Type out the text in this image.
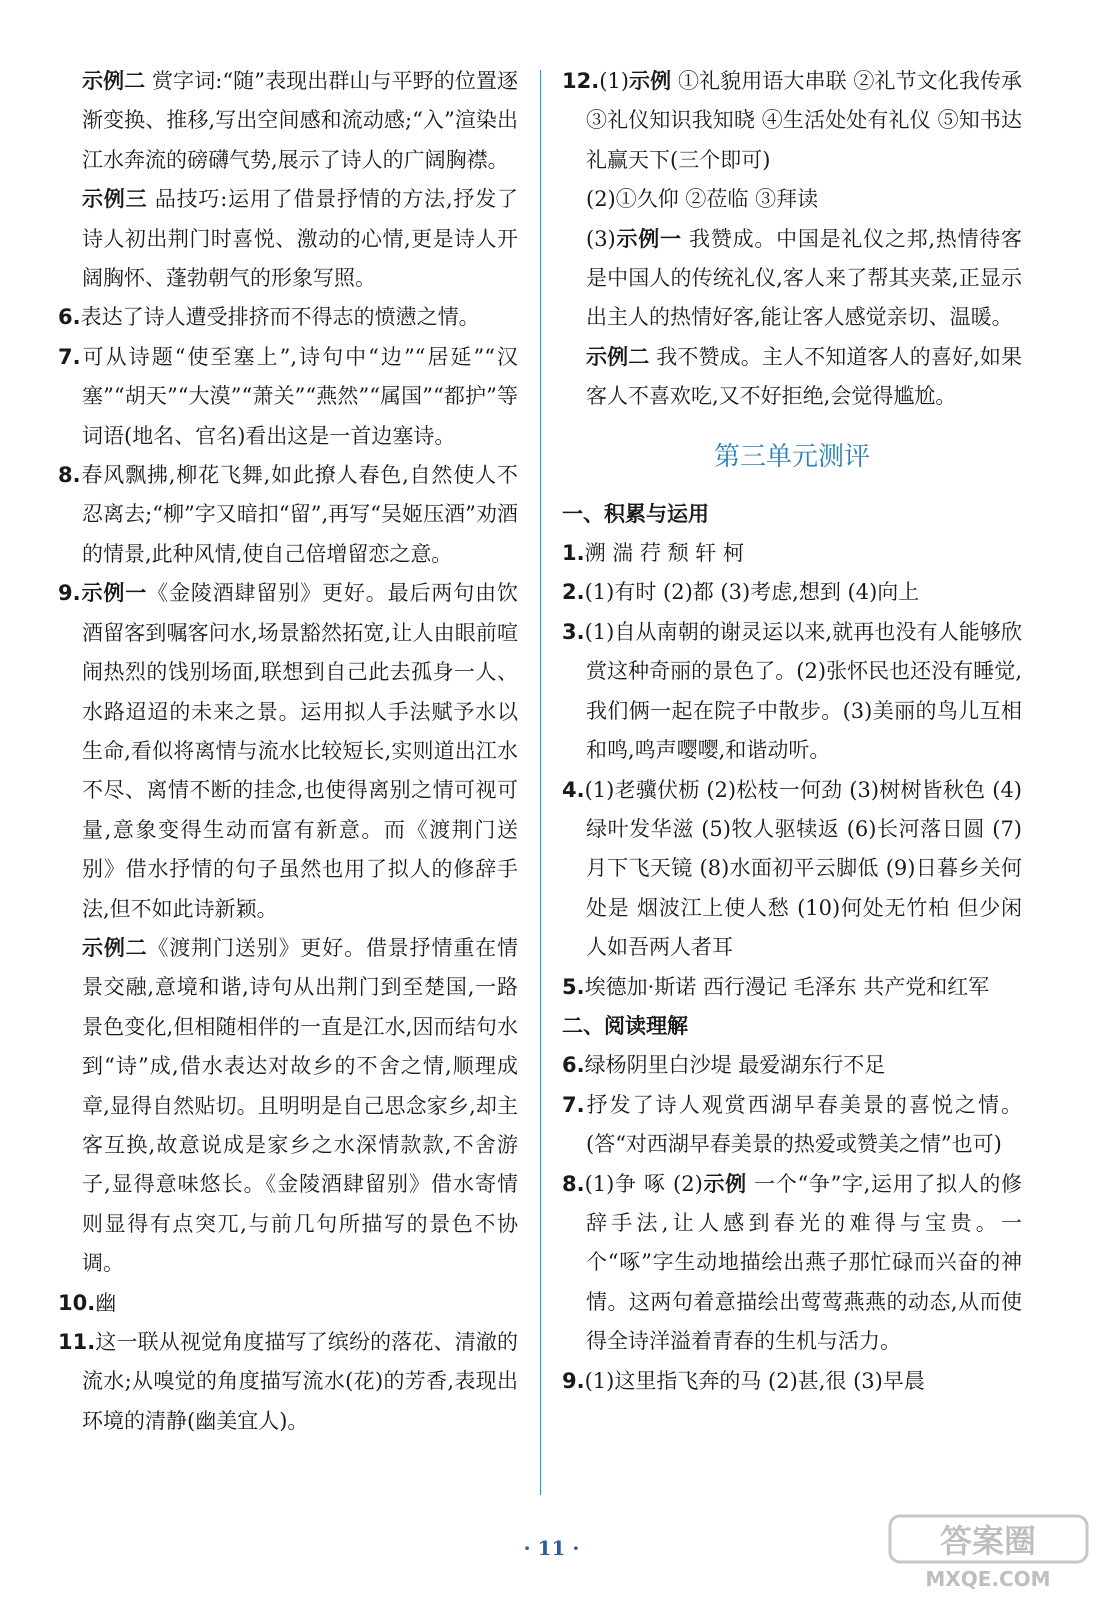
示例二 赏字词:“随”表现出群山与平野的位置逐渐变换、推移,写出空间感和流动感;“入”渲染出江水奔流的磅礴气势,展示了诗人的广阔胸襟。

示例三 品技巧:运用了借景抒情的方法,抒发了诗人初出荆门时喜悦、激动的心情,更是诗人开阔胸怀、蓬勃朝气的形象写照。

6.表达了诗人遭受排挤而不得志的愤懑之情。

7.可从诗题“使至塞上”,诗句中“边”“居延”“汉塞”“胡天”“大漠”“萧关”“燕然”“属国”“都护”等词语(地名、官名)看出这是一首边塞诗。

8.春风飘拂,柳花飞舞,如此撩人春色,自然使人不忍离去;“柳”字又暗扣“留”,再写“吴姬压酒”劝酒的情景,此种风情,使自己倍增留恋之意。

9.示例一《金陵酒肆留别》更好。最后两句由饮酒留客到嘱客问水,场景豁然拓宽,让人由眼前喧闹热烈的饯别场面,联想到自己此去孤身一人、水路迢迢的未来之景。运用拟人手法赋予水以生命,看似将离情与流水比较短长,实则道出江水不尽、离情不断的挂念,也使得离别之情可视可量,意象变得生动而富有新意。而《渡荆门送别》借水抒情的句子虽然也用了拟人的修辞手法,但不如此诗新颖。

示例二《渡荆门送别》更好。借景抒情重在情景交融,意境和谐,诗句从出荆门到至楚国,一路景色变化,但相随相伴的一直是江水,因而结句水到“诗”成,借水表达对故乡的不舍之情,顺理成章,显得自然贴切。且明明是自己思念家乡,却主客互换,故意说成是家乡之水深情款款,不舍游子,显得意味悠长。《金陵酒肆留别》借水寄情则显得有点突兀,与前几句所描写的景色不协调。

10.幽

11.这一联从视觉角度描写了缤纷的落花、清澈的流水;从嗅觉的角度描写流水(花)的芳香,表现出环境的清静(幽美宜人)。

12.(1)示例 ①礼貌用语大串联 ②礼节文化我传承 ③礼仪知识我知晓 ④生活处处有礼仪 ⑤知书达礼赢天下(三个即可)

(2)①久仰 ②莅临 ③拜读

(3)示例一 我赞成。中国是礼仪之邦,热情待客是中国人的传统礼仪,客人来了帮其夹菜,正显示出主人的热情好客,能让客人感觉亲切、温暖。

示例二 我不赞成。主人不知道客人的喜好,如果客人不喜欢吃,又不好拒绝,会觉得尴尬。

第三单元测评

一、积累与运用

1.溯 湍 荇 颓 轩 柯

2.(1)有时 (2)都 (3)考虑,想到 (4)向上

3.(1)自从南朝的谢灵运以来,就再也没有人能够欣赏这种奇丽的景色了。(2)张怀民也还没有睡觉,我们俩一起在院子中散步。(3)美丽的鸟儿互相和鸣,鸣声嘤嘤,和谐动听。

4.(1)老骥伏枥 (2)松枝一何劲 (3)树树皆秋色 (4)绿叶发华滋 (5)牧人驱犊返 (6)长河落日圆 (7)月下飞天镜 (8)水面初平云脚低 (9)日暮乡关何处是 烟波江上使人愁 (10)何处无竹柏 但少闲人如吾两人者耳

5.埃德加·斯诺 西行漫记 毛泽东 共产党和红军

二、阅读理解

6.绿杨阴里白沙堤 最爱湖东行不足

7.抒发了诗人观赏西湖早春美景的喜悦之情。(答“对西湖早春美景的热爱或赞美之情”也可)

8.(1)争 啄 (2)示例 一个“争”字,运用了拟人的修辞手法,让人感到春光的难得与宝贵。一个“啄”字生动地描绘出燕子那忙碌而兴奋的神情。这两句着意描绘出莺莺燕燕的动态,从而使得全诗洋溢着青春的生机与活力。

9.(1)这里指飞奔的马 (2)甚,很 (3)早晨

· 11 ·	答案圈
MXQE.COM
